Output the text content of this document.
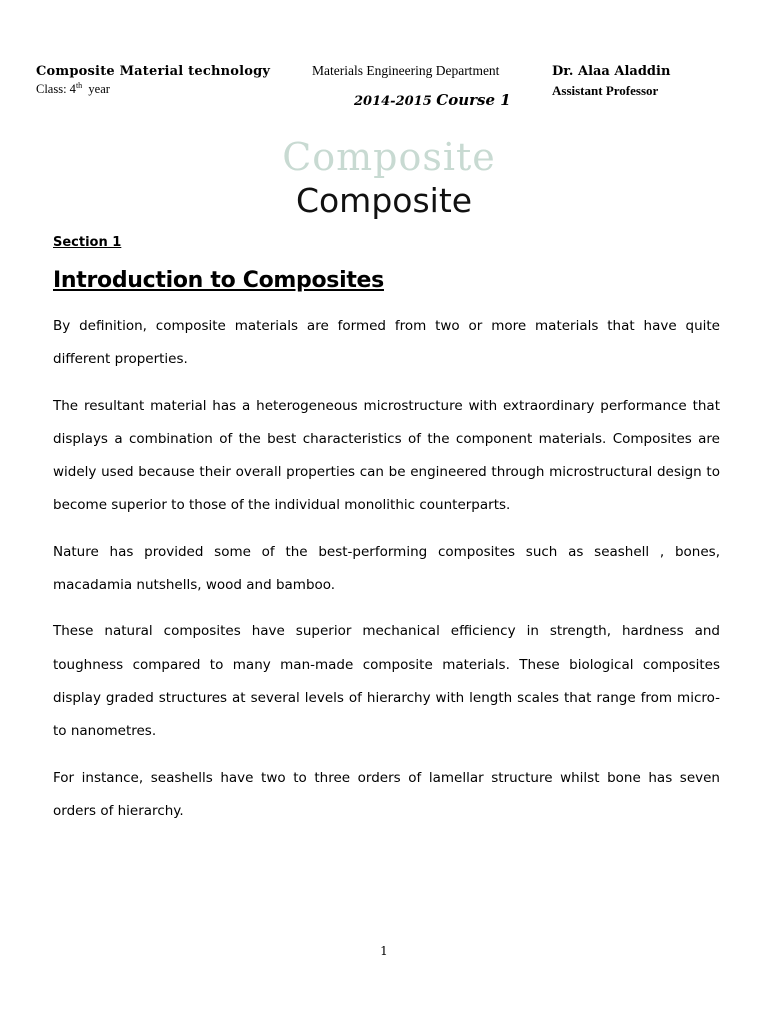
Composite Material technology
Class: 4th year
Materials Engineering Department
2014-2015 Course 1
Dr. Alaa Aladdin
Assistant Professor
Composite
Composite
Section 1
Introduction to Composites

By definition, composite materials are formed from two or more materials that have quite different properties.

The resultant material has a heterogeneous microstructure with extraordinary performance that displays a combination of the best characteristics of the component materials. Composites are widely used because their overall properties can be engineered through microstructural design to become superior to those of the individual monolithic counterparts.

Nature has provided some of the best-performing composites such as seashell , bones, macadamia nutshells, wood and bamboo.

These natural composites have superior mechanical efficiency in strength, hardness and toughness compared to many man-made composite materials. These biological composites display graded structures at several levels of hierarchy with length scales that range from micro- to nanometres.

For instance, seashells have two to three orders of lamellar structure whilst bone has seven orders of hierarchy.

1
